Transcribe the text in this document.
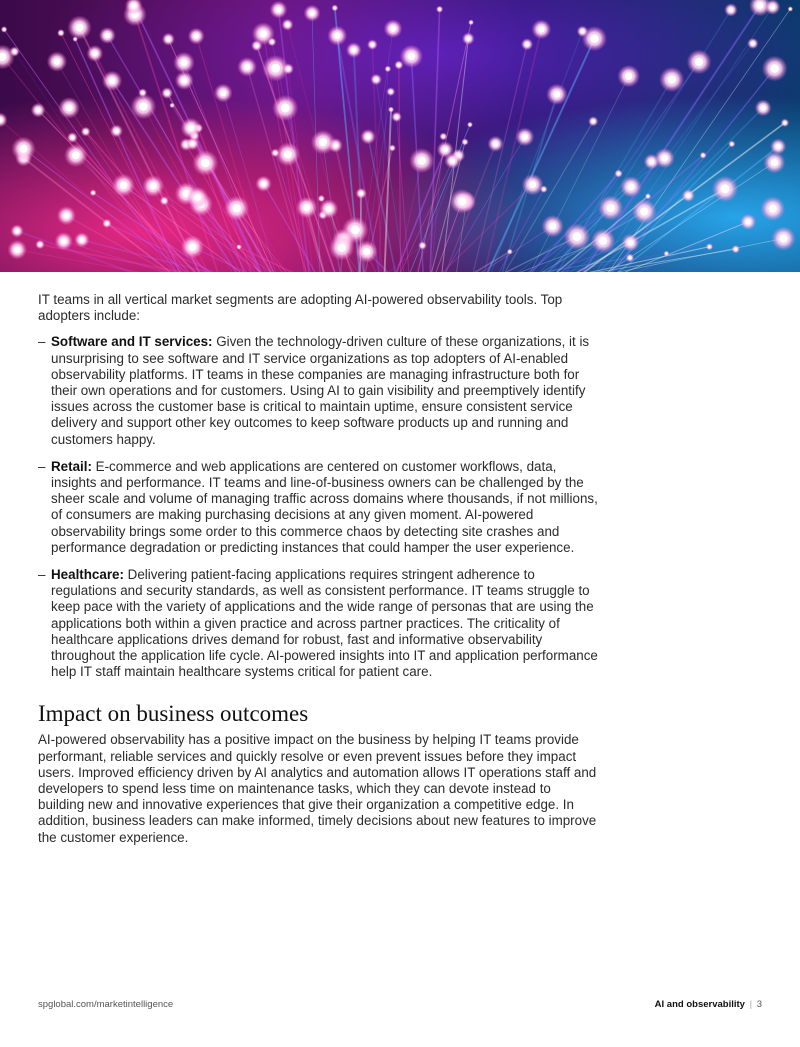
IT teams in all vertical market segments are adopting AI-powered observability tools. Top adopters include:

– Software and IT services: Given the technology-driven culture of these organizations, it is unsurprising to see software and IT service organizations as top adopters of AI-enabled observability platforms. IT teams in these companies are managing infrastructure both for their own operations and for customers. Using AI to gain visibility and preemptively identify issues across the customer base is critical to maintain uptime, ensure consistent service delivery and support other key outcomes to keep software products up and running and customers happy.
– Retail: E-commerce and web applications are centered on customer workflows, data, insights and performance. IT teams and line-of-business owners can be challenged by the sheer scale and volume of managing traffic across domains where thousands, if not millions, of consumers are making purchasing decisions at any given moment. AI-powered observability brings some order to this commerce chaos by detecting site crashes and performance degradation or predicting instances that could hamper the user experience.
– Healthcare: Delivering patient-facing applications requires stringent adherence to regulations and security standards, as well as consistent performance. IT teams struggle to keep pace with the variety of applications and the wide range of personas that are using the applications both within a given practice and across partner practices. The criticality of healthcare applications drives demand for robust, fast and informative observability throughout the application life cycle. AI-powered insights into IT and application performance help IT staff maintain healthcare systems critical for patient care.
Impact on business outcomes

AI-powered observability has a positive impact on the business by helping IT teams provide performant, reliable services and quickly resolve or even prevent issues before they impact users. Improved efficiency driven by AI analytics and automation allows IT operations staff and developers to spend less time on maintenance tasks, which they can devote instead to building new and innovative experiences that give their organization a competitive edge. In addition, business leaders can make informed, timely decisions about new features to improve the customer experience.

spglobal.com/marketintelligence	AI and observability | 3
